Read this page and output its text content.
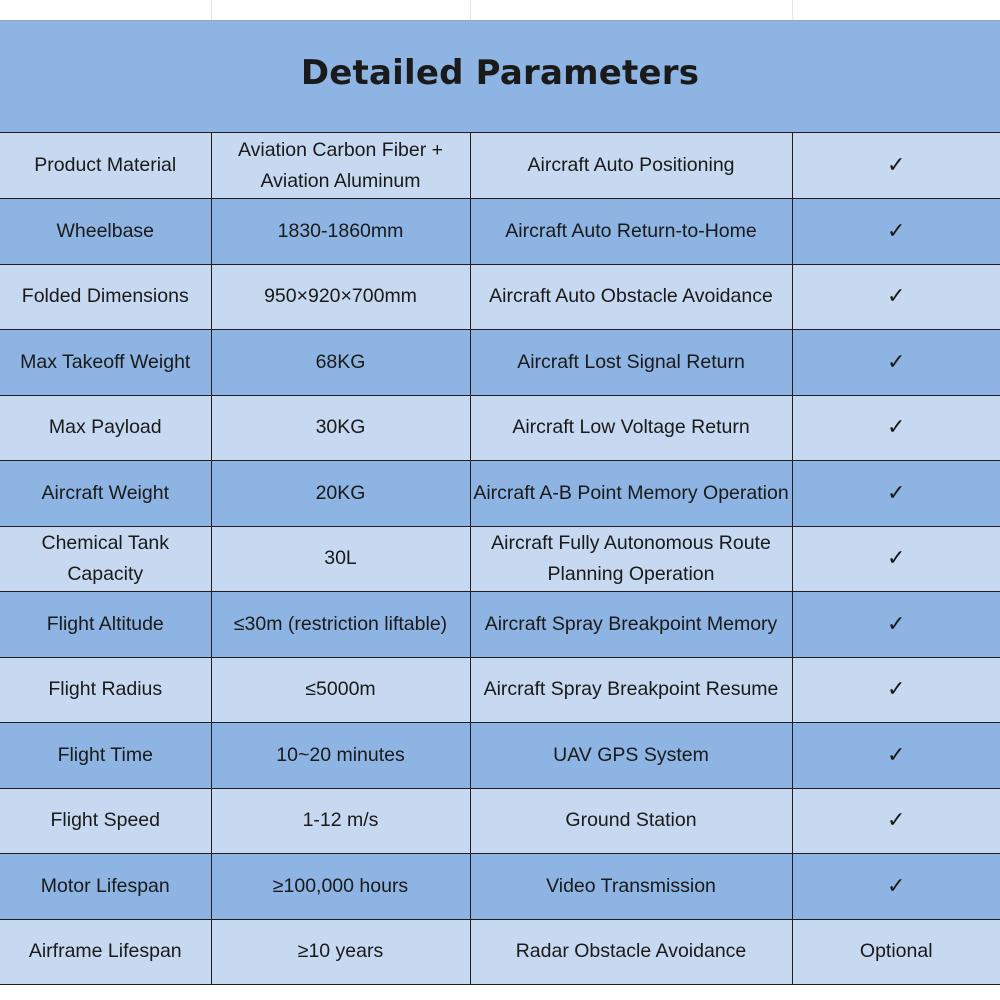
Detailed Parameters
Product Material	Aviation Carbon Fiber + Aviation Aluminum	Aircraft Auto Positioning	✓
Wheelbase	1830-1860mm	Aircraft Auto Return-to-Home	✓
Folded Dimensions	950×920×700mm	Aircraft Auto Obstacle Avoidance	✓
Max Takeoff Weight	68KG	Aircraft Lost Signal Return	✓
Max Payload	30KG	Aircraft Low Voltage Return	✓
Aircraft Weight	20KG	Aircraft A-B Point Memory Operation	✓
Chemical Tank Capacity	30L	Aircraft Fully Autonomous Route Planning Operation	✓
Flight Altitude	≤30m (restriction liftable)	Aircraft Spray Breakpoint Memory	✓
Flight Radius	≤5000m	Aircraft Spray Breakpoint Resume	✓
Flight Time	10~20 minutes	UAV GPS System	✓
Flight Speed	1-12 m/s	Ground Station	✓
Motor Lifespan	≥100,000 hours	Video Transmission	✓
Airframe Lifespan	≥10 years	Radar Obstacle Avoidance	Optional
